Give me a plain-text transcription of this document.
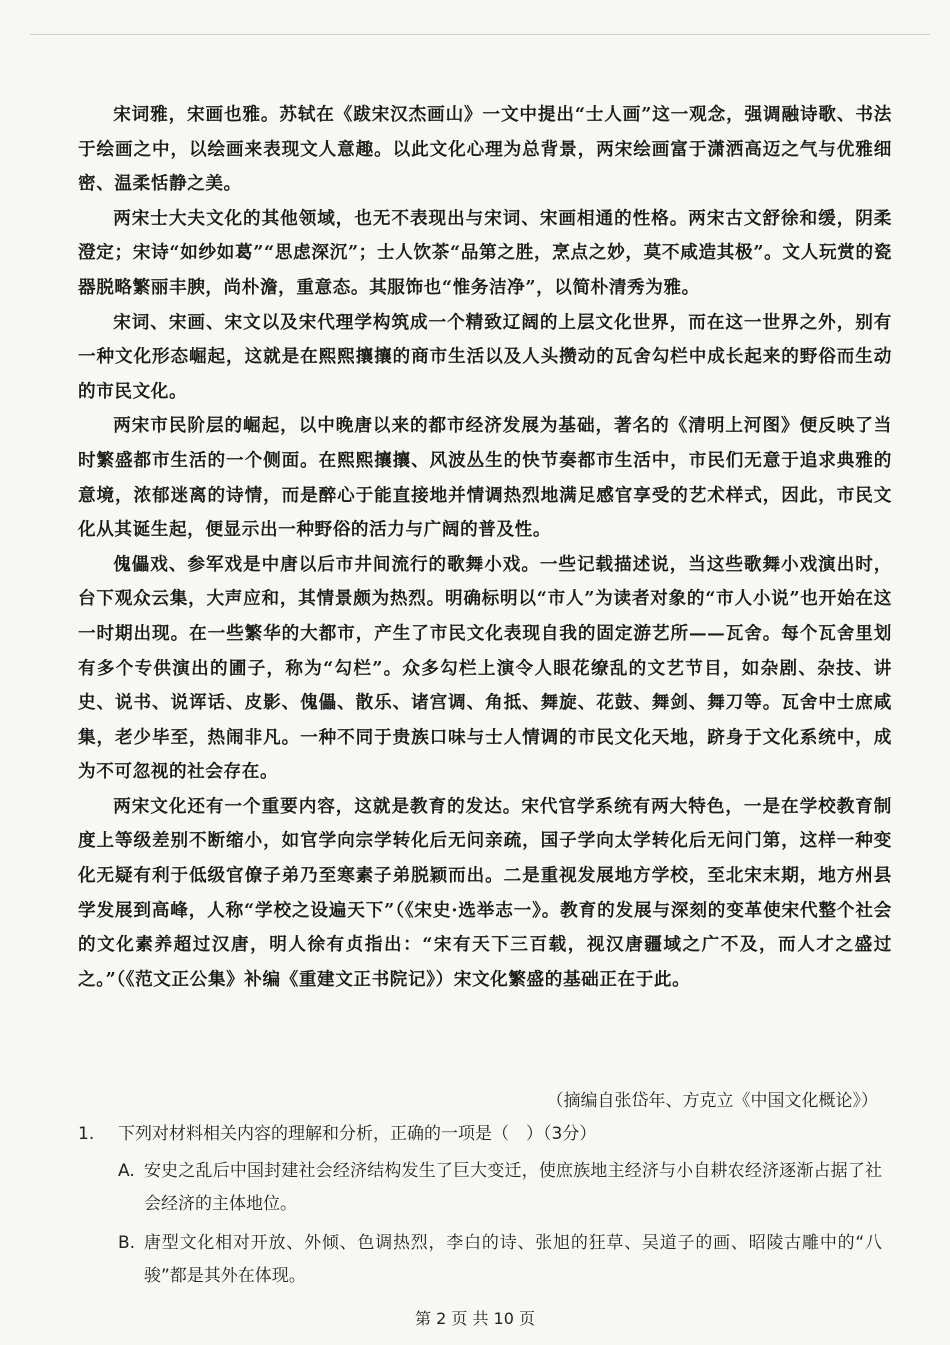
宋词雅，宋画也雅。苏轼在《跋宋汉杰画山》一文中提出“士人画”这一观念，强调融诗歌、书法于绘画之中，以绘画来表现文人意趣。以此文化心理为总背景，两宋绘画富于潇洒高迈之气与优雅细密、温柔恬静之美。

两宋士大夫文化的其他领域，也无不表现出与宋词、宋画相通的性格。两宋古文舒徐和缓，阴柔澄定；宋诗“如纱如葛”“思虑深沉”；士人饮茶“品第之胜，烹点之妙，莫不咸造其极”。文人玩赏的瓷器脱略繁丽丰腴，尚朴澹，重意态。其服饰也“惟务洁净”，以简朴清秀为雅。

宋词、宋画、宋文以及宋代理学构筑成一个精致辽阔的上层文化世界，而在这一世界之外，别有一种文化形态崛起，这就是在熙熙攘攘的商市生活以及人头攒动的瓦舍勾栏中成长起来的野俗而生动的市民文化。

两宋市民阶层的崛起，以中晚唐以来的都市经济发展为基础，著名的《清明上河图》便反映了当时繁盛都市生活的一个侧面。在熙熙攘攘、风波丛生的快节奏都市生活中，市民们无意于追求典雅的意境，浓郁迷离的诗情，而是醉心于能直接地并情调热烈地满足感官享受的艺术样式，因此，市民文化从其诞生起，便显示出一种野俗的活力与广阔的普及性。

傀儡戏、参军戏是中唐以后市井间流行的歌舞小戏。一些记载描述说，当这些歌舞小戏演出时，台下观众云集，大声应和，其情景颇为热烈。明确标明以“市人”为读者对象的“市人小说”也开始在这一时期出现。在一些繁华的大都市，产生了市民文化表现自我的固定游艺所——瓦舍。每个瓦舍里划有多个专供演出的圃子，称为“勾栏”。众多勾栏上演令人眼花缭乱的文艺节目，如杂剧、杂技、讲史、说书、说诨话、皮影、傀儡、散乐、诸宫调、角抵、舞旋、花鼓、舞剑、舞刀等。瓦舍中士庶咸集，老少毕至，热闹非凡。一种不同于贵族口味与士人情调的市民文化天地，跻身于文化系统中，成为不可忽视的社会存在。

两宋文化还有一个重要内容，这就是教育的发达。宋代官学系统有两大特色，一是在学校教育制度上等级差别不断缩小，如官学向宗学转化后无问亲疏，国子学向太学转化后无问门第，这样一种变化无疑有利于低级官僚子弟乃至寒素子弟脱颖而出。二是重视发展地方学校，至北宋末期，地方州县学发展到高峰，人称“学校之设遍天下”（《宋史·选举志一》。教育的发展与深刻的变革使宋代整个社会的文化素养超过汉唐，明人徐有贞指出：“宋有天下三百载，视汉唐疆域之广不及，而人才之盛过之。”（《范文正公集》补编《重建文正书院记》）宋文化繁盛的基础正在于此。

（摘编自张岱年、方克立《中国文化概论》）
1.	下列对材料相关内容的理解和分析，正确的一项是（　）（3分）
A. 安史之乱后中国封建社会经济结构发生了巨大变迁，使庶族地主经济与小自耕农经济逐渐占据了社会经济的主体地位。
B. 唐型文化相对开放、外倾、色调热烈，李白的诗、张旭的狂草、吴道子的画、昭陵古雕中的“八骏”都是其外在体现。
第 2 页 共 10 页
